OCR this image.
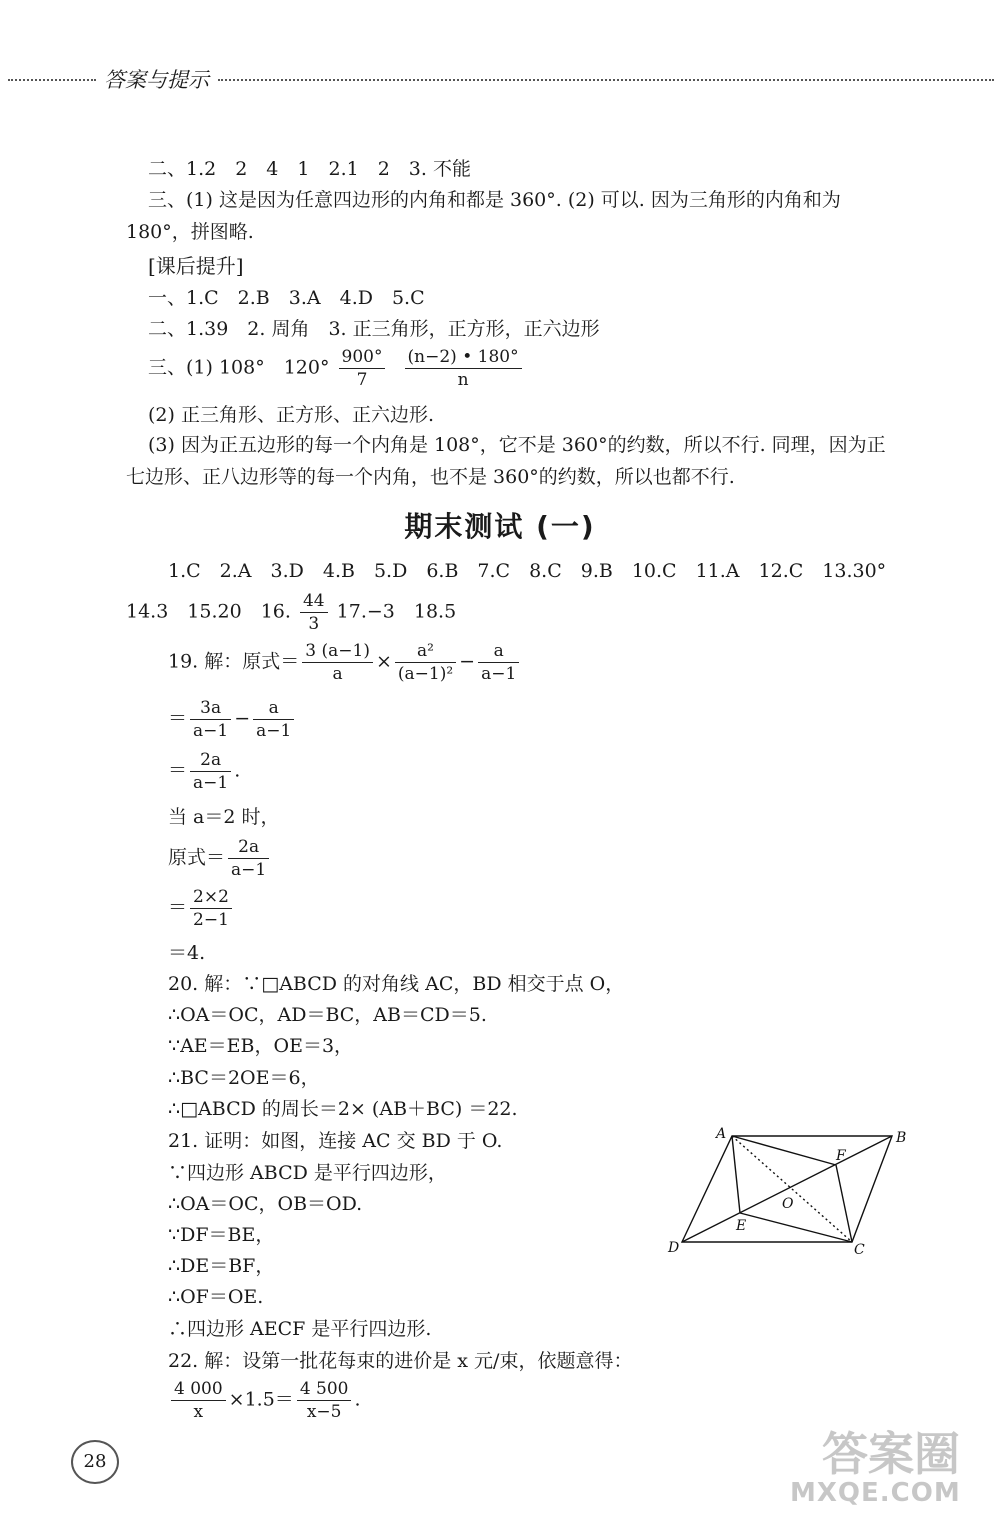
答案与提示
二、1.2　2　4　1　2.1　2　3. 不能
三、(1) 这是因为任意四边形的内角和都是 360°. (2) 可以. 因为三角形的内角和为
180°，拼图略.
[课后提升]
一、1.C　2.B　3.A　4.D　5.C
二、1.39　2. 周角　3. 正三角形，正方形，正六边形
三、(1) 108°　$120^\circ \frac{900^\circ}{7}$
$\frac{(n-2) • 180^\circ}{n}$
(2) 正三角形、正方形、正六边形.
(3) 因为正五边形的每一个内角是 108°，它不是 360°的约数，所以不行. 同理，因为正
七边形、正八边形等的每一个内角，也不是 360°的约数，所以也都不行.
期末测试 (一)
1.C　2.A　3.D　4.B　5.D　6.B　7.C　8.C　9.B　10.C　11.A　12.C　13.30°
14.3　15.20　16. $\frac{44}{3} 17.-3$　18.5
19. 解：原式＝ $\frac{3 (a-1)}{a} \times \frac{\text{a²}}{\text{(a−1)²}} - \frac{a}{a-1}$
＝ $\frac{3a}{a-1} - \frac{a}{a-1}$
＝ $\frac{2a}{a-1}$ .
当 a＝2 时，
原式＝ $\frac{2a}{a-1}$
＝ $\frac{2\times 2}{2-1}$
＝4.
20. 解：∵□ABCD 的对角线 AC，BD 相交于点 O，
∴OA＝OC，AD＝BC，AB＝CD＝5.
∵AE＝EB，OE＝3，
∴BC＝2OE＝6，
∴□ABCD 的周长＝2× (AB＋BC) ＝22.
21. 证明：如图，连接 AC 交 BD 于 O.
∵四边形 ABCD 是平行四边形，
∴OA＝OC，OB＝OD.
∵DF＝BE，
∴DE＝BF，
∴OF＝OE.
∴四边形 AECF 是平行四边形.
A	B
C
D
E
F
O
22. 解：设第一批花每束的进价是 x 元/束，依题意得：
$\frac{4 000}{x} \times 1.5= \frac{4 500}{x-5}$ .
28	答案圈
MXQE.COM
